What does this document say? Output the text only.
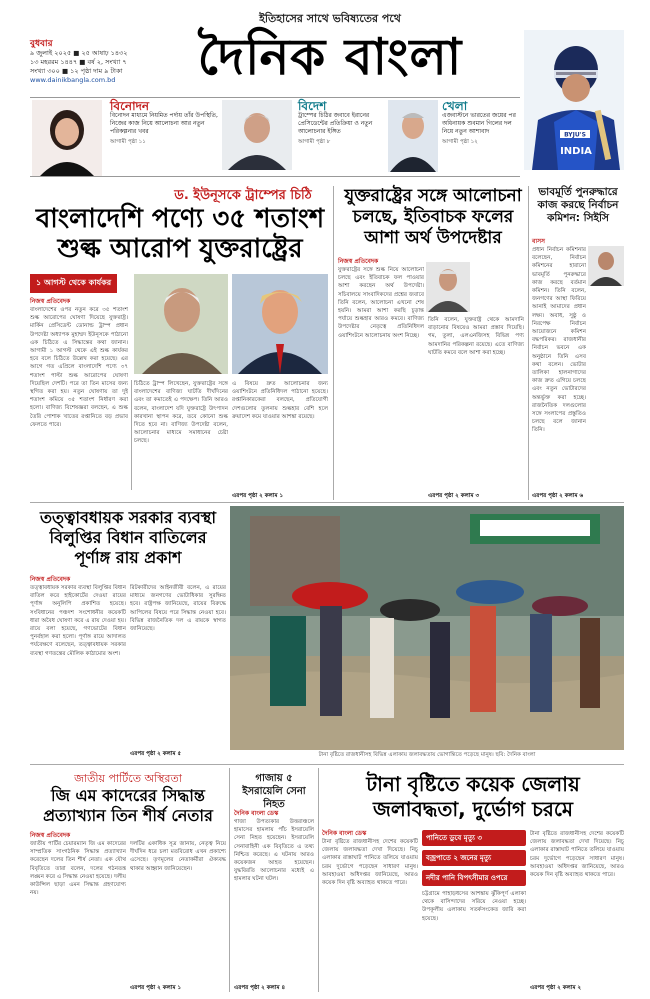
বুধবার
৯ জুলাই ২০২৫ ■ ২৫ আষাঢ় ১৪৩২
১৩ মহররম ১৪৪৭ ■ বর্ষ ২, সংখ্যা ৭
সংখ্যা ৩০০ ■ ১২ পৃষ্ঠা দাম ৯ টাকা
www.dainikbangla.com.bd
ইতিহাসের সাথে ভবিষ্যতের পথে
দৈনিক বাংলা
BYJU'S
INDIA
বিনোদন
বিনোদন মাধ্যমে নিয়মিত পর্দায় তাঁর উপস্থিতি, নিজের কাজ নিয়ে আলোচনা আর নতুন পরিকল্পনার খবর
আগামী পৃষ্ঠা ১১
বিদেশ
ট্রাম্পের চিঠির জবাবে ইরানের প্রেসিডেন্টের প্রতিক্রিয়া ও নতুন আলোচনার ইঙ্গিত
আগামী পৃষ্ঠা ৮
খেলা
এজবাস্টনে ভারতের জয়ের পর অধিনায়ক শুবমান গিলের দল নিয়ে নতুন আশাবাদ
আগামী পৃষ্ঠা ১২
ড. ইউনূসকে ট্রাম্পের চিঠি
বাংলাদেশি পণ্যে ৩৫ শতাংশ
শুল্ক আরোপ যুক্তরাষ্ট্রের
১ আগস্ট থেকে কার্যকর
নিজস্ব প্রতিবেদক
বাংলাদেশের ওপর নতুন করে ৩৫ শতাংশ শুল্ক আরোপের ঘোষণা দিয়েছে যুক্তরাষ্ট্র। মার্কিন প্রেসিডেন্ট ডোনাল্ড ট্রাম্প প্রধান উপদেষ্টা অধ্যাপক মুহাম্মদ ইউনূসকে পাঠানো এক চিঠিতে এ সিদ্ধান্তের কথা জানান। আগামী ১ আগস্ট থেকে এই শুল্ক কার্যকর হবে বলে চিঠিতে উল্লেখ করা হয়েছে। এর আগে গত এপ্রিলে বাংলাদেশি পণ্যে ৩৭ শতাংশ পাল্টা শুল্ক আরোপের ঘোষণা দিয়েছিল দেশটি। পরে তা তিন মাসের জন্য স্থগিত করা হয়। নতুন ঘোষণায় তা দুই শতাংশ কমিয়ে ৩৫ শতাংশ নির্ধারণ করা হলো। বাণিজ্য বিশেষজ্ঞরা বলছেন, এ শুল্ক তৈরি পোশাক খাতের রপ্তানিতে বড় প্রভাব ফেলতে পারে।
চিঠিতে ট্রাম্প লিখেছেন, যুক্তরাষ্ট্রের সঙ্গে বাংলাদেশের বাণিজ্য ঘাটতি দীর্ঘদিনের এবং তা কমাতেই এ পদক্ষেপ। তিনি আরও বলেন, বাংলাদেশ যদি যুক্তরাষ্ট্রে উৎপাদন কারখানা স্থাপন করে, তবে কোনো শুল্ক দিতে হবে না। বাণিজ্য উপদেষ্টা বলেন, আলোচনার মাধ্যমে সমাধানের চেষ্টা চলছে।
এ বিষয়ে দ্রুত আলোচনার জন্য ওয়াশিংটনে প্রতিনিধিদল পাঠানো হয়েছে। রপ্তানিকারকেরা বলছেন, প্রতিযোগী দেশগুলোর তুলনায় শুল্কহার বেশি হলে ক্রয়াদেশ কমে যাওয়ার আশঙ্কা রয়েছে।
এরপর পৃষ্ঠা ২ কলাম ১
যুক্তরাষ্ট্রের সঙ্গে আলোচনা
চলছে, ইতিবাচক ফলের
আশা অর্থ উপদেষ্টার
নিজস্ব প্রতিবেদক
যুক্তরাষ্ট্রের সঙ্গে শুল্ক নিয়ে আলোচনা চলছে এবং ইতিবাচক ফল পাওয়ার আশা করছেন অর্থ উপদেষ্টা। সচিবালয়ে সাংবাদিকদের প্রশ্নের জবাবে তিনি বলেন, আলোচনা এখনো শেষ হয়নি। আমরা আশা করছি চূড়ান্ত পর্যায়ে শুল্কহার আরও কমবে। বাণিজ্য উপদেষ্টার নেতৃত্বে প্রতিনিধিদল ওয়াশিংটনে আলোচনায় অংশ নিচ্ছে।
তিনি বলেন, যুক্তরাষ্ট্র থেকে আমদানি বাড়ানোর বিষয়েও আমরা প্রস্তাব দিয়েছি। গম, তুলা, এলএনজিসহ বিভিন্ন পণ্য আমদানির পরিকল্পনা রয়েছে। এতে বাণিজ্য ঘাটতি কমবে বলে আশা করা হচ্ছে।
এরপর পৃষ্ঠা ২ কলাম ৩
ভাবমূর্তি পুনরুদ্ধারে কাজ করছে নির্বাচন কমিশন: সিইসি
বাসস
প্রধান নির্বাচন কমিশনার বলেছেন, নির্বাচন কমিশনের হারানো ভাবমূর্তি পুনরুদ্ধারে কাজ করছে বর্তমান কমিশন। তিনি বলেন, জনগণের আস্থা ফিরিয়ে আনাই আমাদের প্রধান লক্ষ্য। অবাধ, সুষ্ঠু ও নিরপেক্ষ নির্বাচন আয়োজনে কমিশন বদ্ধপরিকর। রাজধানীর নির্বাচন ভবনে এক অনুষ্ঠানে তিনি এসব কথা বলেন। ভোটার তালিকা হালনাগাদের কাজ দ্রুত এগিয়ে চলছে এবং নতুন ভোটারদের অন্তর্ভুক্ত করা হচ্ছে। রাজনৈতিক দলগুলোর সঙ্গে সংলাপের প্রস্তুতিও চলছে বলে জানান তিনি।
এরপর পৃষ্ঠা ২ কলাম ৬
তত্ত্বাবধায়ক সরকার ব্যবস্থা
বিলুপ্তির বিধান বাতিলের
পূর্ণাঙ্গ রায় প্রকাশ
নিজস্ব প্রতিবেদক
তত্ত্বাবধায়ক সরকার ব্যবস্থা বিলুপ্তির বিধান বাতিল করে হাইকোর্টের দেওয়া রায়ের পূর্ণাঙ্গ অনুলিপি প্রকাশিত হয়েছে। সংবিধানের পঞ্চদশ সংশোধনীর কয়েকটি ধারা অবৈধ ঘোষণা করে এ রায় দেওয়া হয়। রায়ে বলা হয়েছে, গণভোটের বিধান পুনর্বহাল করা হলো। পূর্ণাঙ্গ রায়ে আদালত পর্যবেক্ষণে বলেছেন, তত্ত্বাবধায়ক সরকার ব্যবস্থা গণতন্ত্রের মৌলিক কাঠামোর অংশ।
রিটকারীদের আইনজীবী বলেন, এ রায়ের মাধ্যমে জনগণের ভোটাধিকার সুরক্ষিত হবে। রাষ্ট্রপক্ষ জানিয়েছে, রায়ের বিরুদ্ধে আপিলের বিষয়ে পরে সিদ্ধান্ত নেওয়া হবে। বিভিন্ন রাজনৈতিক দল এ রায়কে স্বাগত জানিয়েছে।
এরপর পৃষ্ঠা ২ কলাম ৫	টানা বৃষ্টিতে রাজধানীসহ বিভিন্ন এলাকায় জলাবদ্ধতায় ভোগান্তিতে পড়েছে মানুষ। ছবি: দৈনিক বাংলা
জাতীয় পার্টিতে অস্থিরতা
জি এম কাদেরের সিদ্ধান্ত
প্রত্যাখ্যান তিন শীর্ষ নেতার
নিজস্ব প্রতিবেদক
জাতীয় পার্টির চেয়ারম্যান জি এম কাদেরের সাম্প্রতিক সাংগঠনিক সিদ্ধান্ত প্রত্যাখ্যান করেছেন দলের তিন শীর্ষ নেতা। এক যৌথ বিবৃতিতে তারা বলেন, দলের গঠনতন্ত্র লঙ্ঘন করে এ সিদ্ধান্ত নেওয়া হয়েছে। দলীয় কাউন্সিল ছাড়া এমন সিদ্ধান্ত গ্রহণযোগ্য নয়।
দলটির একাধিক সূত্র জানায়, নেতৃত্ব নিয়ে দীর্ঘদিন ধরে চলা মতবিরোধ এখন প্রকাশ্যে এসেছে। তৃণমূলের নেতাকর্মীরা ঐক্যবদ্ধ থাকার আহ্বান জানিয়েছেন।
এরপর পৃষ্ঠা ২ কলাম ১
গাজায় ৫ ইসরায়েলি সেনা নিহত
দৈনিক বাংলা ডেস্ক
গাজা উপত্যকার উত্তরাঞ্চলে হামাসের হামলায় পাঁচ ইসরায়েলি সেনা নিহত হয়েছেন। ইসরায়েলি সেনাবাহিনী এক বিবৃতিতে এ তথ্য নিশ্চিত করেছে। এ ঘটনায় আরও কয়েকজন আহত হয়েছেন। যুদ্ধবিরতি আলোচনার মধ্যেই এ হামলার ঘটনা ঘটল।
এরপর পৃষ্ঠা ২ কলাম ৪
টানা বৃষ্টিতে কয়েক জেলায়
জলাবদ্ধতা, দুর্ভোগ চরমে
দৈনিক বাংলা ডেস্ক
টানা বৃষ্টিতে রাজধানীসহ দেশের কয়েকটি জেলায় জলাবদ্ধতা দেখা দিয়েছে। নিচু এলাকার রাস্তাঘাট পানিতে তলিয়ে যাওয়ায় চরম দুর্ভোগে পড়েছেন সাধারণ মানুষ। আবহাওয়া অধিদপ্তর জানিয়েছে, আরও কয়েক দিন বৃষ্টি অব্যাহত থাকতে পারে।
পানিতে ডুবে মৃত্যু ৩
বজ্রপাতে ২ জনের মৃত্যু
নদীর পানি বিপৎসীমার ওপরে
চট্টগ্রামে পাহাড়ধসের আশঙ্কায় ঝুঁকিপূর্ণ এলাকা থেকে বাসিন্দাদের সরিয়ে নেওয়া হচ্ছে। উপকূলীয় এলাকায় সতর্কসংকেত জারি করা হয়েছে।
টানা বৃষ্টিতে রাজধানীসহ দেশের কয়েকটি জেলায় জলাবদ্ধতা দেখা দিয়েছে। নিচু এলাকার রাস্তাঘাট পানিতে তলিয়ে যাওয়ায় চরম দুর্ভোগে পড়েছেন সাধারণ মানুষ। আবহাওয়া অধিদপ্তর জানিয়েছে, আরও কয়েক দিন বৃষ্টি অব্যাহত থাকতে পারে।
এরপর পৃষ্ঠা ২ কলাম ২
